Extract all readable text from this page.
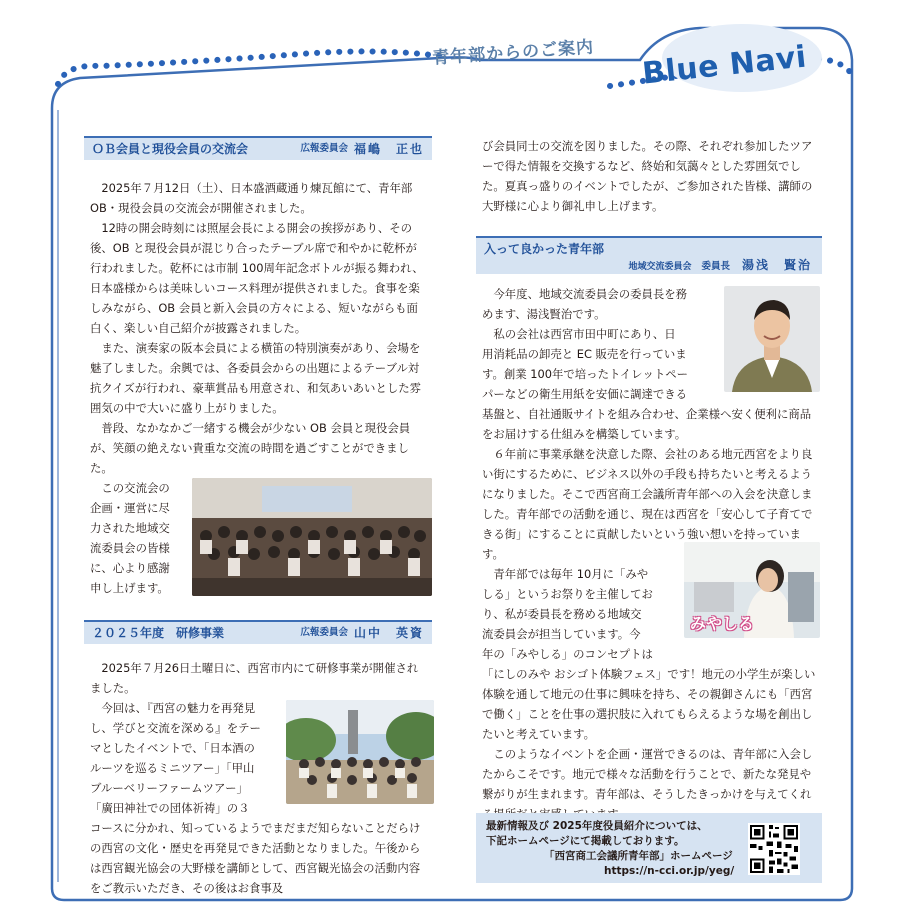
青年部からのご案内 Blue Navi
ＯＢ会員と現役会員の交流会	広報委員会 福嶋　正也

2025年７月12日（土）、日本盛酒蔵通り煉瓦館にて、青年部 OB・現役会員の交流会が開催されました。

12時の開会時刻には照屋会長による開会の挨拶があり、その後、OB と現役会員が混じり合ったテーブル席で和やかに乾杯が行われました。乾杯には市制 100周年記念ボトルが振る舞われ、日本盛様からは美味しいコース料理が提供されました。食事を楽しみながら、OB 会員と新入会員の方々による、短いながらも面白く、楽しい自己紹介が披露されました。

また、演奏家の阪本会員による横笛の特別演奏があり、会場を魅了しました。余興では、各委員会からの出題によるテーブル対抗クイズが行われ、豪華賞品も用意され、和気あいあいとした雰囲気の中で大いに盛り上がりました。

普段、なかなかご一緒する機会が少ない OB 会員と現役会員が、笑顔の絶えない貴重な交流の時間を過ごすことができました。

この交流会の

企画・運営に尽

力された地域交

流委員会の皆様

に、心より感謝

申し上げます。

２０２５年度　研修事業	広報委員会 山中　英資

2025年７月26日土曜日に、西宮市内にて研修事業が開催されました。

今回は、『西宮の魅力を再発見

し、学びと交流を深める』をテー

マとしたイベントで、「日本酒の

ルーツを巡るミニツアー」「甲山

ブルーベリーファームツアー」

「廣田神社での団体祈祷」の３

コースに分かれ、知っているようでまだまだ知らないことだらけの西宮の文化・歴史を再発見できた活動となりました。午後からは西宮観光協会の大野様を講師として、西宮観光協会の活動内容をご教示いただき、その後はお食事及

び会員同士の交流を図りました。その際、それぞれ参加したツアーで得た情報を交換するなど、終始和気藹々とした雰囲気でした。夏真っ盛りのイベントでしたが、ご参加された皆様、講師の大野様に心より御礼申し上げます。

入って良かった青年部
地域交流委員会 委員長 湯浅　賢治

今年度、地域交流委員会の委員長を務

めます、湯浅賢治です。

私の会社は西宮市田中町にあり、日

用消耗品の卸売と EC 販売を行っていま

す。創業 100年で培ったトイレットペー

パーなどの衛生用紙を安価に調達できる

基盤と、自社通販サイトを組み合わせ、企業様へ安く便利に商品をお届けする仕組みを構築しています。

６年前に事業承継を決意した際、会社のある地元西宮をより良い街にするために、ビジネス以外の手段も持ちたいと考えるようになりました。そこで西宮商工会議所青年部への入会を決意しました。青年部での活動を通じ、現在は西宮を「安心して子育てできる街」にすることに貢献したいという強い想いを持っています。

青年部では毎年 10月に「みや

しる」というお祭りを主催してお

り、私が委員長を務める地域交

流委員会が担当しています。今

年の「みやしる」のコンセプトは

「にしのみや おシゴト体験フェス」です！地元の小学生が楽しい体験を通して地元の仕事に興味を持ち、その親御さんにも「西宮で働く」ことを仕事の選択肢に入れてもらえるような場を創出したいと考えています。

このようなイベントを企画・運営できるのは、青年部に入会したからこそです。地元で様々な活動を行うことで、新たな発見や繋がりが生まれます。青年部は、そうしたきっかけを与えてくれ

みやしる
最新情報及び 2025年度役員紹介については、
下記ホームページにて掲載しております。
「西宮商工会議所青年部」ホームページ
https://n-cci.or.jp/yeg/
